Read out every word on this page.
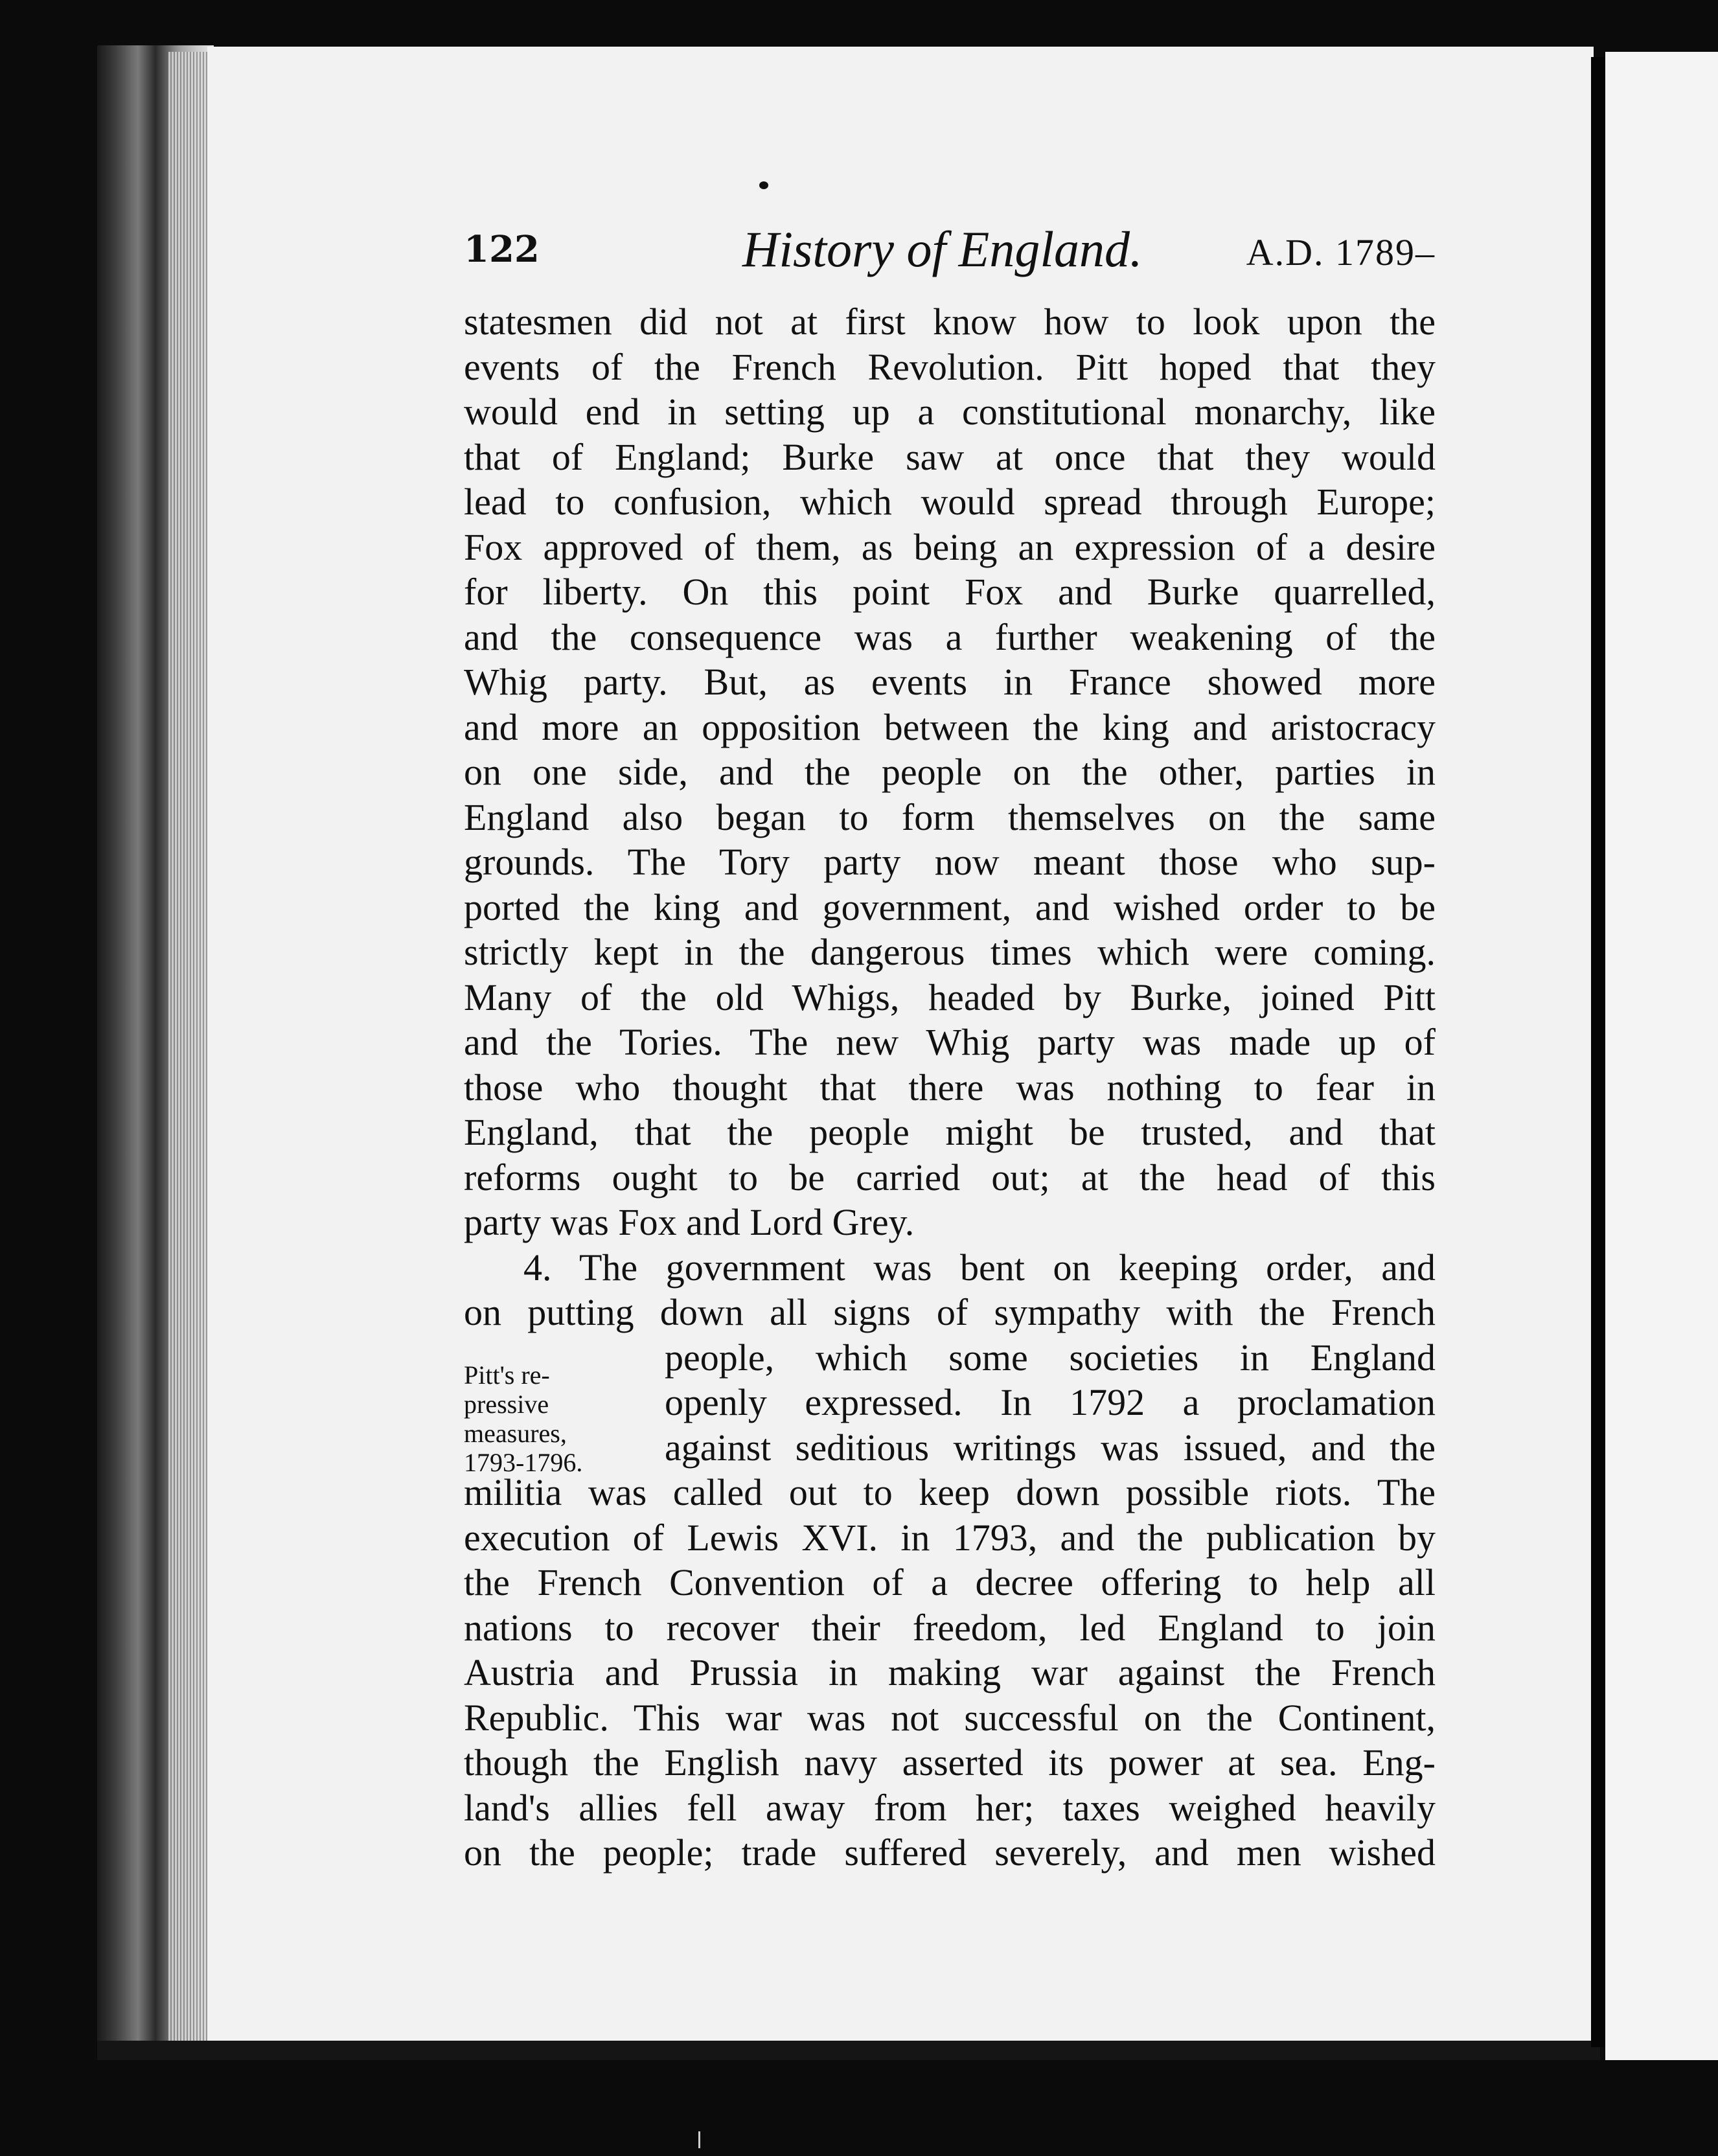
122	History of England.	A.D. 1789–
statesmen did not at first know how to look upon the
events of the French Revolution. Pitt hoped that they
would end in setting up a constitutional monarchy, like
that of England; Burke saw at once that they would
lead to confusion, which would spread through Europe;
Fox approved of them, as being an expression of a desire
for liberty. On this point Fox and Burke quarrelled,
and the consequence was a further weakening of the
Whig party. But, as events in France showed more
and more an opposition between the king and aristocracy
on one side, and the people on the other, parties in
England also began to form themselves on the same
grounds. The Tory party now meant those who sup-
ported the king and government, and wished order to be
strictly kept in the dangerous times which were coming.
Many of the old Whigs, headed by Burke, joined Pitt
and the Tories. The new Whig party was made up of
those who thought that there was nothing to fear in
England, that the people might be trusted, and that
reforms ought to be carried out; at the head of this
party was Fox and Lord Grey.
4. The government was bent on keeping order, and
on putting down all signs of sympathy with the French
people, which some societies in England
openly expressed. In 1792 a proclamation
against seditious writings was issued, and the
militia was called out to keep down possible riots. The
execution of Lewis XVI. in 1793, and the publication by
the French Convention of a decree offering to help all
nations to recover their freedom, led England to join
Austria and Prussia in making war against the French
Republic. This war was not successful on the Continent,
though the English navy asserted its power at sea. Eng-
land's allies fell away from her; taxes weighed heavily
on the people; trade suffered severely, and men wished
Pitt's re-
pressive
measures,
1793-1796.
